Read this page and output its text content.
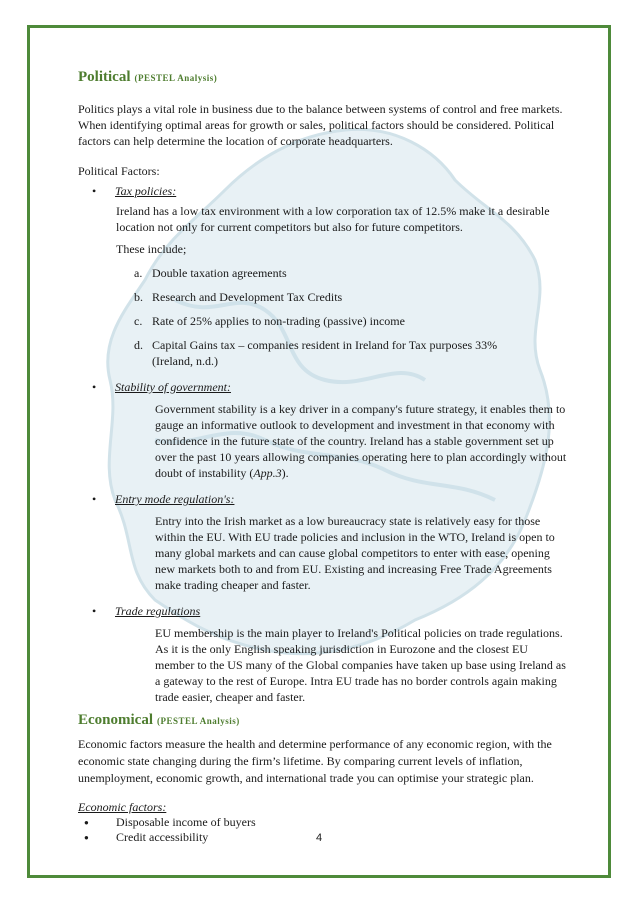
Political (PESTEL Analysis)

Politics plays a vital role in business due to the balance between systems of control and free markets. When identifying optimal areas for growth or sales, political factors should be considered. Political factors can help determine the location of corporate headquarters.

Political Factors:
• Tax policies:

Ireland has a low tax environment with a low corporation tax of 12.5% make it a desirable location not only for current competitors but also for future competitors.

These include;

a. Double taxation agreements
b. Research and Development Tax Credits
c. Rate of 25% applies to non-trading (passive) income
d. Capital Gains tax – companies resident in Ireland for Tax purposes 33% (Ireland, n.d.)
• Stability of government:

Government stability is a key driver in a company's future strategy, it enables them to gauge an informative outlook to development and investment in that economy with confidence in the future state of the country. Ireland has a stable government set up over the past 10 years allowing companies operating here to plan accordingly without doubt of instability (App.3).

• Entry mode regulation's:

Entry into the Irish market as a low bureaucracy state is relatively easy for those within the EU. With EU trade policies and inclusion in the WTO, Ireland is open to many global markets and can cause global competitors to enter with ease, opening new markets both to and from EU. Existing and increasing Free Trade Agreements make trading cheaper and faster.

• Trade regulations

EU membership is the main player to Ireland's Political policies on trade regulations. As it is the only English speaking jurisdiction in Eurozone and the closest EU member to the US many of the Global companies have taken up base using Ireland as a gateway to the rest of Europe. Intra EU trade has no border controls again making trade easier, cheaper and faster.

Economical (PESTEL Analysis)

Economic factors measure the health and determine performance of any economic region, with the economic state changing during the firm’s lifetime. By comparing current levels of inflation, unemployment, economic growth, and international trade you can optimise your strategic plan.

Economic factors:
● Disposable income of buyers
● Credit accessibility	4
